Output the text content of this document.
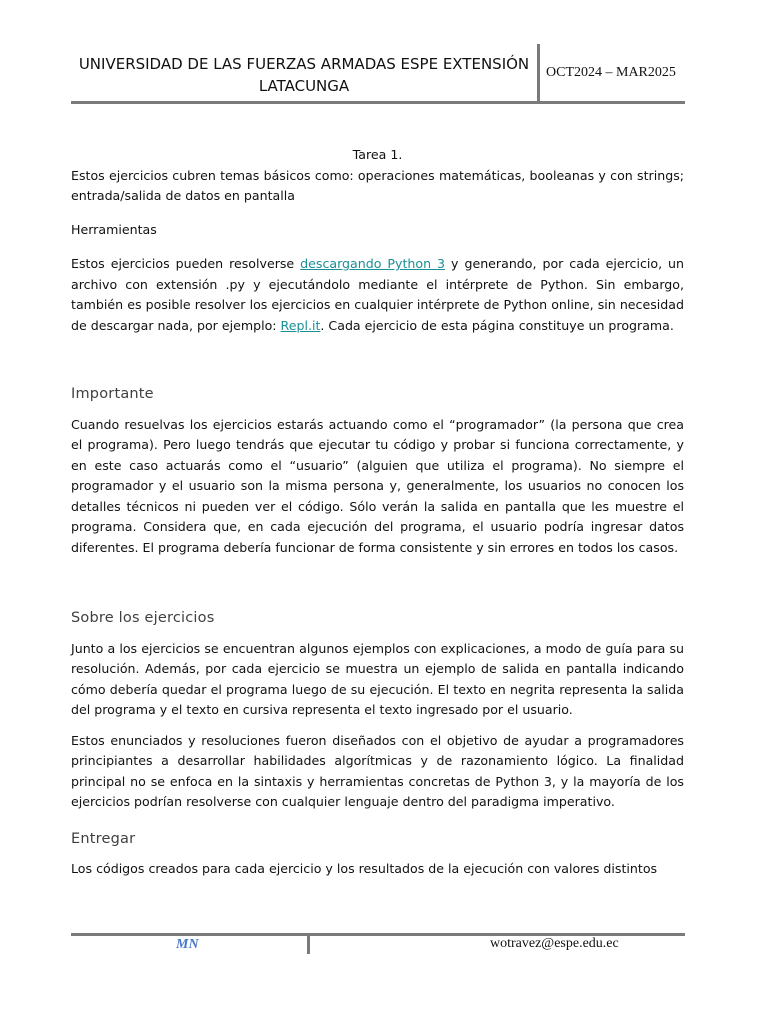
UNIVERSIDAD DE LAS FUERZAS ARMADAS ESPE EXTENSIÓN LATACUNGA
OCT2024 – MAR2025

Tarea 1.

Estos ejercicios cubren temas básicos como: operaciones matemáticas, booleanas y con strings; entrada/salida de datos en pantalla

Herramientas

Estos ejercicios pueden resolverse descargando Python 3 y generando, por cada ejercicio, un archivo con extensión .py y ejecutándolo mediante el intérprete de Python. Sin embargo, también es posible resolver los ejercicios en cualquier intérprete de Python online, sin necesidad de descargar nada, por ejemplo: Repl.it. Cada ejercicio de esta página constituye un programa.

Importante

Cuando resuelvas los ejercicios estarás actuando como el “programador” (la persona que crea el programa). Pero luego tendrás que ejecutar tu código y probar si funciona correctamente, y en este caso actuarás como el “usuario” (alguien que utiliza el programa). No siempre el programador y el usuario son la misma persona y, generalmente, los usuarios no conocen los detalles técnicos ni pueden ver el código. Sólo verán la salida en pantalla que les muestre el programa. Considera que, en cada ejecución del programa, el usuario podría ingresar datos diferentes. El programa debería funcionar de forma consistente y sin errores en todos los casos.

Sobre los ejercicios

Junto a los ejercicios se encuentran algunos ejemplos con explicaciones, a modo de guía para su resolución. Además, por cada ejercicio se muestra un ejemplo de salida en pantalla indicando cómo debería quedar el programa luego de su ejecución. El texto en negrita representa la salida del programa y el texto en cursiva representa el texto ingresado por el usuario.

Estos enunciados y resoluciones fueron diseñados con el objetivo de ayudar a programadores principiantes a desarrollar habilidades algorítmicas y de razonamiento lógico. La finalidad principal no se enfoca en la sintaxis y herramientas concretas de Python 3, y la mayoría de los ejercicios podrían resolverse con cualquier lenguaje dentro del paradigma imperativo.

Entregar

Los códigos creados para cada ejercicio y los resultados de la ejecución con valores distintos

MN	wotravez@espe.edu.ec
